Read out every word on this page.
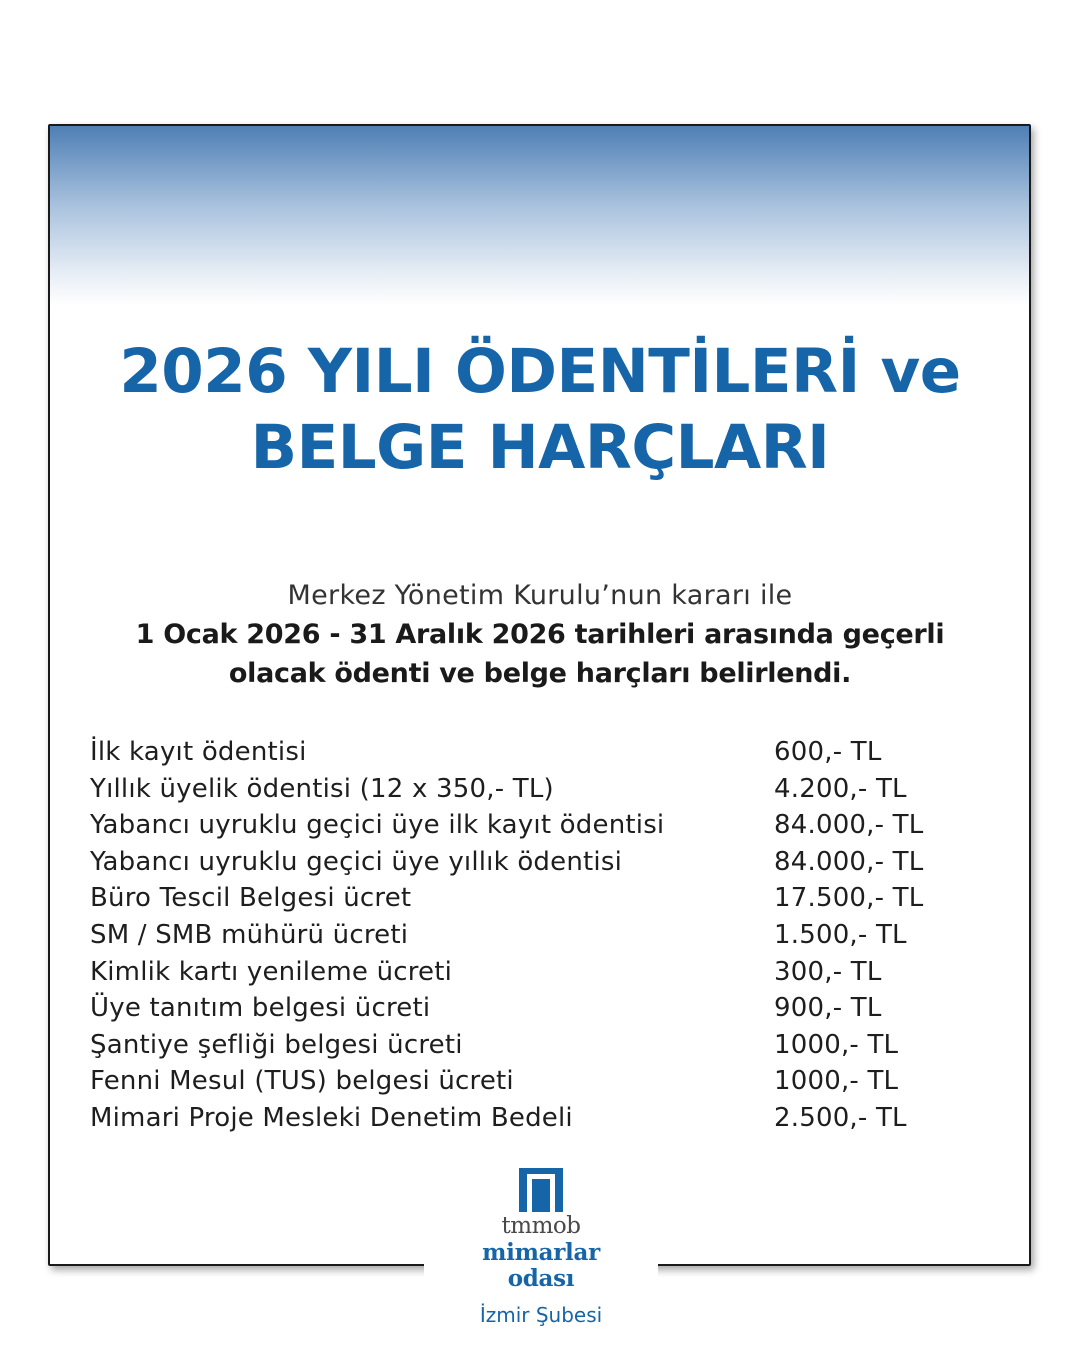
2026 YILI ÖDENTİLERİ ve
BELGE HARÇLARI
Merkez Yönetim Kurulu’nun kararı ile
1 Ocak 2026 - 31 Aralık 2026 tarihleri arasında geçerli
olacak ödenti ve belge harçları belirlendi.
İlk kayıt ödentisi	600,- TL
Yıllık üyelik ödentisi (12 x 350,- TL)	4.200,- TL
Yabancı uyruklu geçici üye ilk kayıt ödentisi	84.000,- TL
Yabancı uyruklu geçici üye yıllık ödentisi	84.000,- TL
Büro Tescil Belgesi ücret	17.500,- TL
SM / SMB mühürü ücreti	1.500,- TL
Kimlik kartı yenileme ücreti	300,- TL
Üye tanıtım belgesi ücreti	900,- TL
Şantiye şefliği belgesi ücreti	1000,- TL
Fenni Mesul (TUS) belgesi ücreti	1000,- TL
Mimari Proje Mesleki Denetim Bedeli	2.500,- TL
tmmob
mimarlar
odası
İzmir Şubesi
